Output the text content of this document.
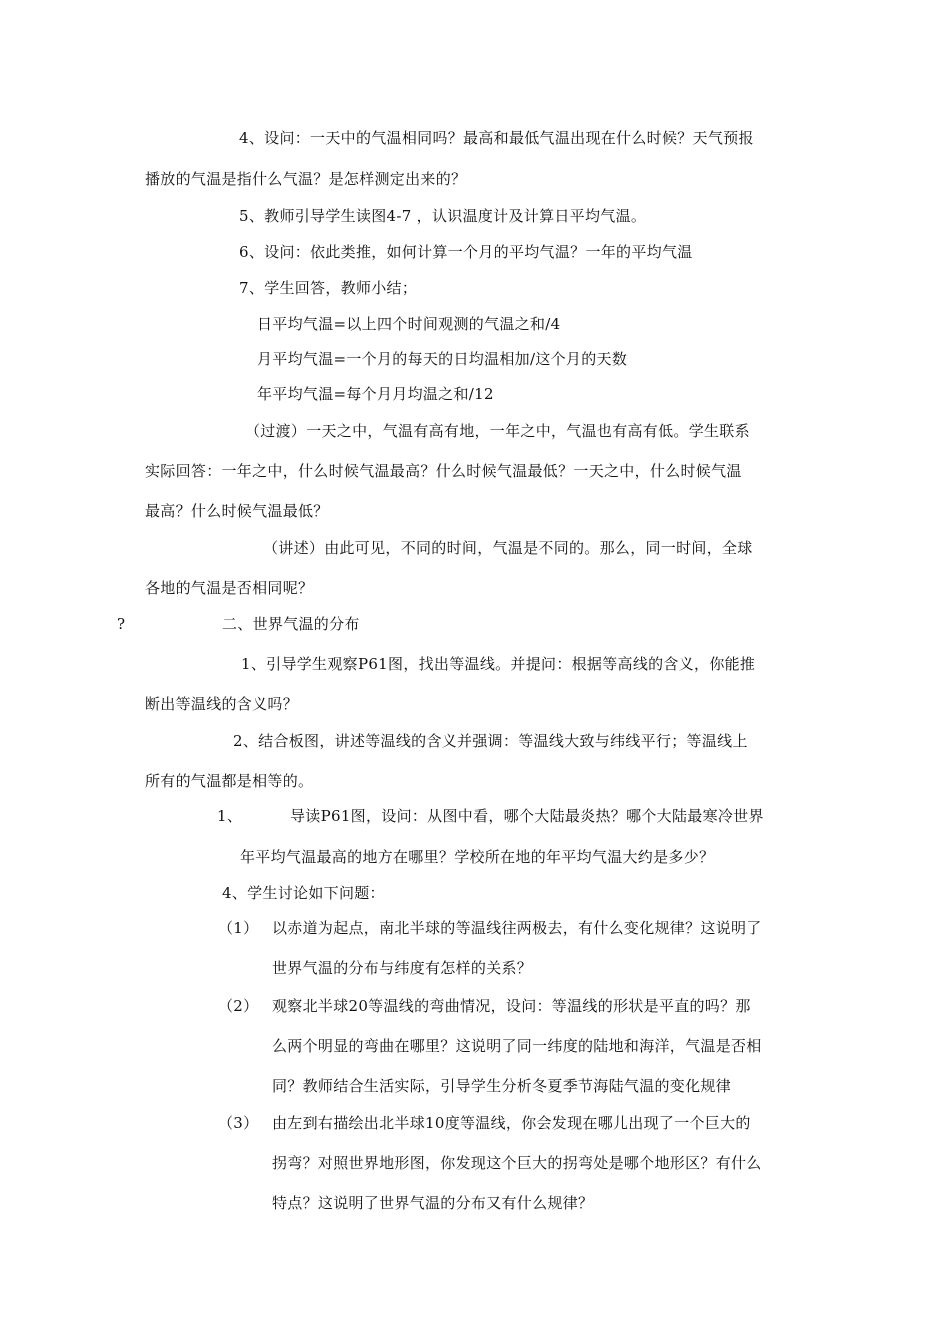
4、设问：一天中的气温相同吗？最高和最低气温出现在什么时候？天气预报
播放的气温是指什么气温？是怎样测定出来的？
5、教师引导学生读图4-7 ，认识温度计及计算日平均气温。
6、设问：依此类推，如何计算一个月的平均气温？一年的平均气温
7、学生回答，教师小结；
日平均气温=以上四个时间观测的气温之和/4
月平均气温=一个月的每天的日均温相加/这个月的天数
年平均气温=每个月月均温之和/12
（过渡）一天之中，气温有高有地，一年之中，气温也有高有低。学生联系
实际回答：一年之中，什么时候气温最高？什么时候气温最低？一天之中，什么时候气温
最高？什么时候气温最低？
（讲述）由此可见，不同的时间，气温是不同的。那么，同一时间，全球
各地的气温是否相同呢？
?	二、世界气温的分布
1、引导学生观察P61图，找出等温线。并提问：根据等高线的含义，你能推
断出等温线的含义吗？
2、结合板图，讲述等温线的含义并强调：等温线大致与纬线平行；等温线上
所有的气温都是相等的。
1、	导读P61图，设问：从图中看，哪个大陆最炎热？哪个大陆最寒冷世界
年平均气温最高的地方在哪里？学校所在地的年平均气温大约是多少？
4、学生讨论如下问题：
（1） 以赤道为起点，南北半球的等温线往两极去，有什么变化规律？这说明了
世界气温的分布与纬度有怎样的关系？
（2） 观察北半球20等温线的弯曲情况，设问：等温线的形状是平直的吗？那
么两个明显的弯曲在哪里？这说明了同一纬度的陆地和海洋，气温是否相
同？教师结合生活实际，引导学生分析冬夏季节海陆气温的变化规律
（3） 由左到右描绘出北半球10度等温线，你会发现在哪儿出现了一个巨大的
拐弯？对照世界地形图，你发现这个巨大的拐弯处是哪个地形区？有什么
特点？这说明了世界气温的分布又有什么规律？
